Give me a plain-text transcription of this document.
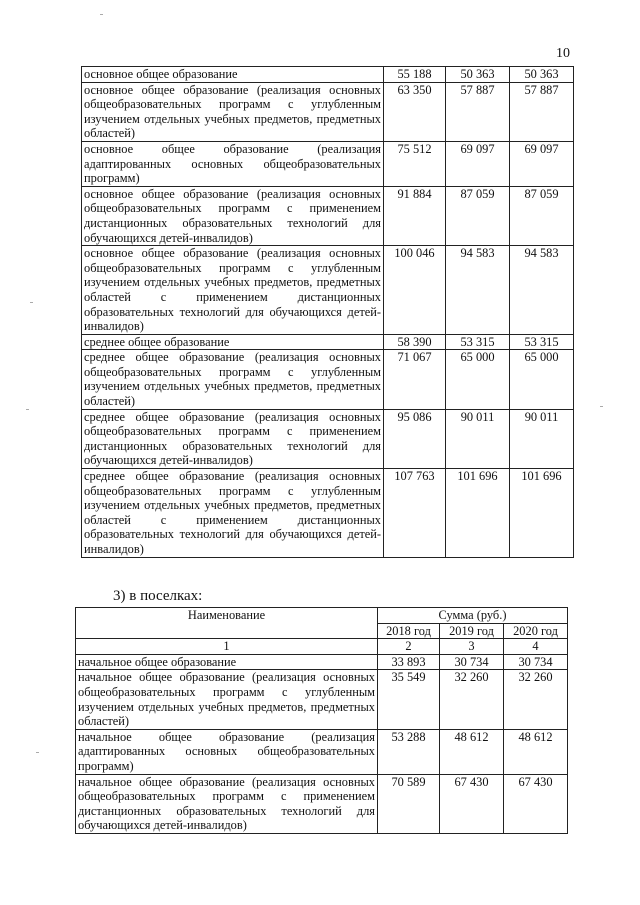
10
основное общее образование	55 188	50 363	50 363
основное общее образование (реализация основных общеобразовательных программ с углубленным изучением отдельных учебных предметов, предметных областей)	63 350	57 887	57 887
основное общее образование (реализация адаптированных основных общеобразовательных программ)	75 512	69 097	69 097
основное общее образование (реализация основных общеобразовательных программ с применением дистанционных образовательных технологий для обучающихся детей-инвалидов)	91 884	87 059	87 059
основное общее образование (реализация основных общеобразовательных программ с углубленным изучением отдельных учебных предметов, предметных областей с применением дистанционных образовательных технологий для обучающихся детей-инвалидов)	100 046	94 583	94 583
среднее общее образование	58 390	53 315	53 315
среднее общее образование (реализация основных общеобразовательных программ с углубленным изучением отдельных учебных предметов, предметных областей)	71 067	65 000	65 000
среднее общее образование (реализация основных общеобразовательных программ с применением дистанционных образовательных технологий для обучающихся детей-инвалидов)	95 086	90 011	90 011
среднее общее образование (реализация основных общеобразовательных программ с углубленным изучением отдельных учебных предметов, предметных областей с применением дистанционных образовательных технологий для обучающихся детей-инвалидов)	107 763	101 696	101 696
3) в поселках:
Наименование	Сумма (руб.)		
	2018 год	2019 год	2020 год
1	2	3	4
начальное общее образование	33 893	30 734	30 734
начальное общее образование (реализация основных общеобразовательных программ с углубленным изучением отдельных учебных предметов, предметных областей)	35 549	32 260	32 260
начальное общее образование (реализация адаптированных основных общеобразовательных программ)	53 288	48 612	48 612
начальное общее образование (реализация основных общеобразовательных программ с применением дистанционных образовательных технологий для обучающихся детей-инвалидов)	70 589	67 430	67 430
